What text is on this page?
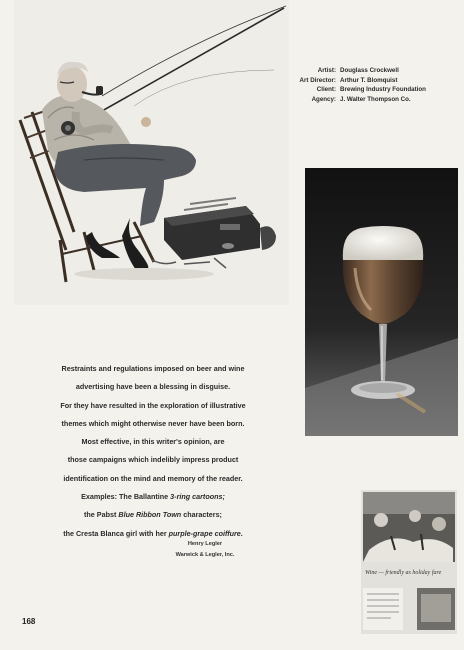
Artist: Douglass Crockwell
Art Director: Arthur T. Blomquist
Client: Brewing Industry Foundation
Agency: J. Walter Thompson Co.
Restraints and regulations imposed on beer and wine
advertising have been a blessing in disguise.
For they have resulted in the exploration of illustrative
themes which might otherwise never have been born.
Most effective, in this writer's opinion, are
those campaigns which indelibly impress product
identification on the mind and memory of the reader.
Examples: The Ballantine 3-ring cartoons;
the Pabst Blue Ribbon Town characters;
the Cresta Blanca girl with her purple-grape coiffure.
Henry Legler
Warwick & Legler, Inc.
Wine — friendly as holiday fare
168
